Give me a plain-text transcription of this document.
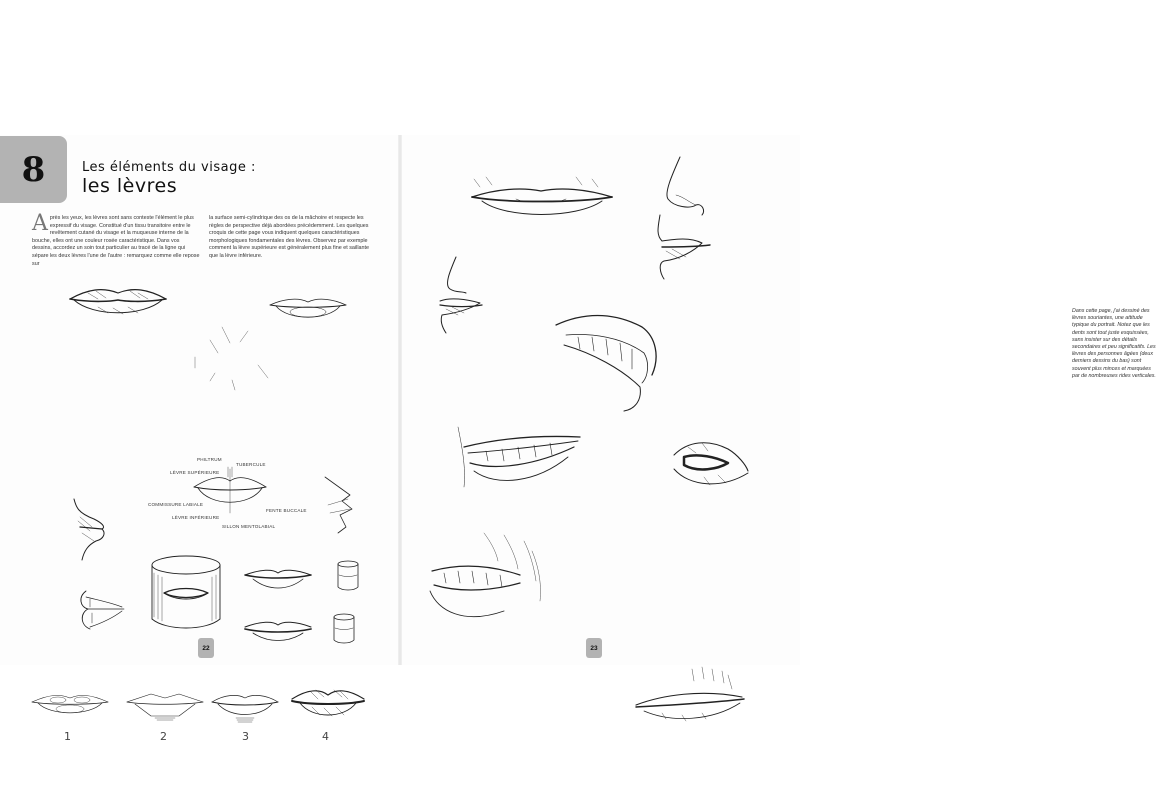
8	Les éléments du visage :
les lèvres
A près les yeux, les lèvres sont sans conteste l'élément le plus expressif du visage. Constitué d'un tissu transitoire entre le revêtement cutané du visage et la muqueuse interne de la bouche, elles ont une couleur rosée caractéristique. Dans vos dessins, accordez un soin tout particulier au tracé de la ligne qui sépare les deux lèvres l'une de l'autre : remarquez comme elle repose sur
la surface semi-cylindrique des os de la mâchoire et respecte les règles de perspective déjà abordées précédemment. Les quelques croquis de cette page vous indiquent quelques caractéristiques morphologiques fondamentales des lèvres. Observez par exemple comment la lèvre supérieure est généralement plus fine et saillante que la lèvre inférieure.
PHILTRUM
TUBERCULE
LÈVRE SUPÉRIEURE
COMMISSURE LABIALE
LÈVRE INFÉRIEURE
FENTE BUCCALE
SILLON MENTOLABIAL
1	2	3	4
22
Dans cette page, j'ai dessiné des lèvres souriantes, une attitude typique du portrait. Notez que les dents sont tout juste esquissées, sans insister sur des détails secondaires et peu significatifs. Les lèvres des personnes âgées (deux derniers dessins du bas) sont souvent plus minces et marquées par de nombreuses rides verticales.
23
